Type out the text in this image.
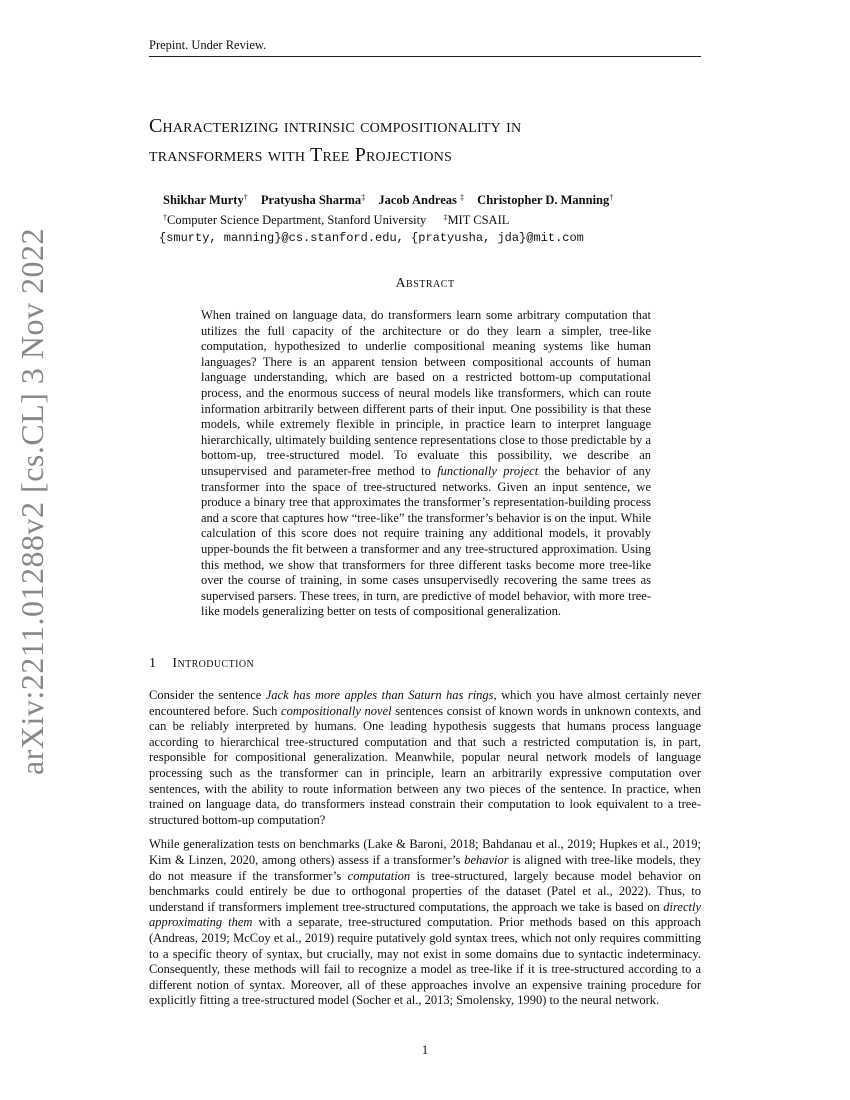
Prepint. Under Review.
Characterizing intrinsic compositionality in
transformers with Tree Projections
Shikhar Murty† Pratyusha Sharma‡ Jacob Andreas ‡ Christopher D. Manning†
†Computer Science Department, Stanford University ‡MIT CSAIL
{smurty, manning}@cs.stanford.edu, {pratyusha, jda}@mit.com
Abstract
When trained on language data, do transformers learn some arbitrary computation that utilizes the full capacity of the architecture or do they learn a simpler, tree-like computation, hypothesized to underlie compositional meaning systems like human languages? There is an apparent tension between compositional accounts of human language understanding, which are based on a restricted bottom-up computational process, and the enormous success of neural models like transformers, which can route information arbitrarily between different parts of their input. One possibility is that these models, while extremely flexible in principle, in practice learn to interpret language hierarchically, ultimately building sentence representations close to those predictable by a bottom-up, tree-structured model. To evaluate this possibility, we describe an unsupervised and parameter-free method to functionally project the behavior of any transformer into the space of tree-structured networks. Given an input sentence, we produce a binary tree that approximates the transformer’s representation-building process and a score that captures how “tree-like” the transformer’s behavior is on the input. While calculation of this score does not require training any additional models, it provably upper-bounds the fit between a transformer and any tree-structured approximation. Using this method, we show that transformers for three different tasks become more tree-like over the course of training, in some cases unsupervisedly recovering the same trees as supervised parsers. These trees, in turn, are predictive of model behavior, with more tree-like models generalizing better on tests of compositional generalization.
1 Introduction

Consider the sentence Jack has more apples than Saturn has rings, which you have almost certainly never encountered before. Such compositionally novel sentences consist of known words in unknown contexts, and can be reliably interpreted by humans. One leading hypothesis suggests that humans process language according to hierarchical tree-structured computation and that such a restricted computation is, in part, responsible for compositional generalization. Meanwhile, popular neural network models of language processing such as the transformer can in principle, learn an arbitrarily expressive computation over sentences, with the ability to route information between any two pieces of the sentence. In practice, when trained on language data, do transformers instead constrain their computation to look equivalent to a tree-structured bottom-up computation?

While generalization tests on benchmarks (Lake & Baroni, 2018; Bahdanau et al., 2019; Hupkes et al., 2019; Kim & Linzen, 2020, among others) assess if a transformer’s behavior is aligned with tree-like models, they do not measure if the transformer’s computation is tree-structured, largely because model behavior on benchmarks could entirely be due to orthogonal properties of the dataset (Patel et al., 2022). Thus, to understand if transformers implement tree-structured computations, the approach we take is based on directly approximating them with a separate, tree-structured computation. Prior methods based on this approach (Andreas, 2019; McCoy et al., 2019) require putatively gold syntax trees, which not only requires committing to a specific theory of syntax, but crucially, may not exist in some domains due to syntactic indeterminacy. Consequently, these methods will fail to recognize a model as tree-like if it is tree-structured according to a different notion of syntax. Moreover, all of these approaches involve an expensive training procedure for explicitly fitting a tree-structured model (Socher et al., 2013; Smolensky, 1990) to the neural network.

1
arXiv:2211.01288v2 [cs.CL] 3 Nov 2022
